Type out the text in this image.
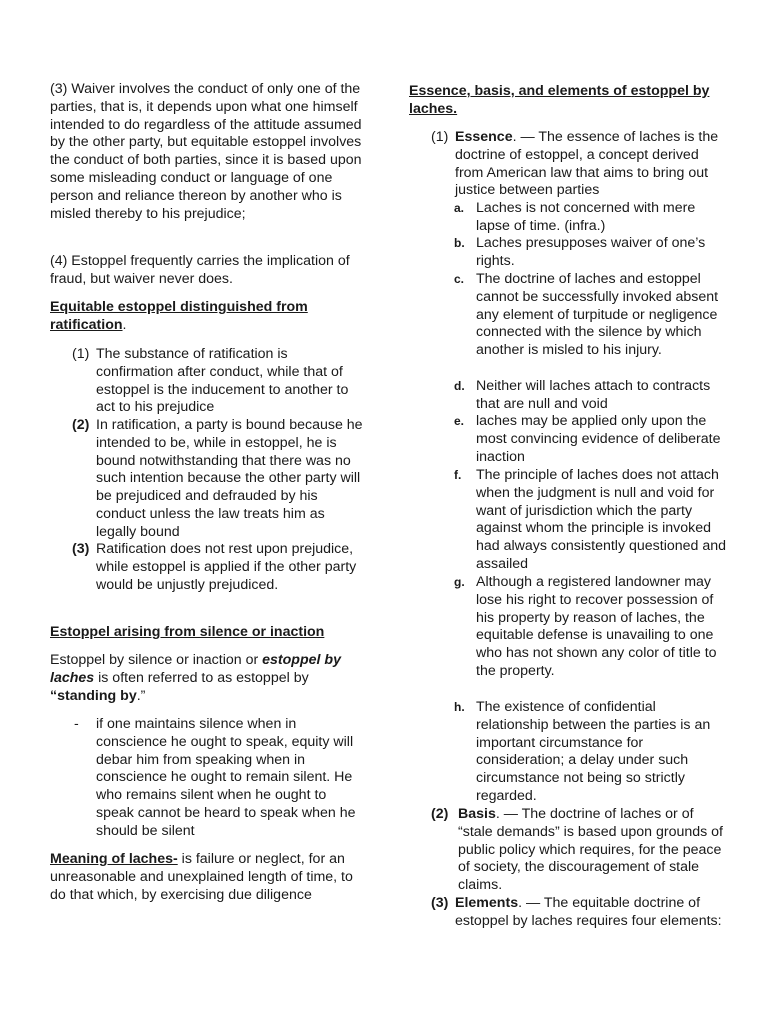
(3) Waiver involves the conduct of only one of the parties, that is, it depends upon what one himself intended to do regardless of the attitude assumed by the other party, but equitable estoppel involves the conduct of both parties, since it is based upon some misleading conduct or language of one person and reliance thereon by another who is misled thereby to his prejudice;

(4) Estoppel frequently carries the implication of fraud, but waiver never does.

Equitable estoppel distinguished from ratification.

(1) The substance of ratification is confirmation after conduct, while that of estoppel is the inducement to another to act to his prejudice
(2) In ratification, a party is bound because he intended to be, while in estoppel, he is bound notwithstanding that there was no such intention because the other party will be prejudiced and defrauded by his conduct unless the law treats him as legally bound
(3) Ratification does not rest upon prejudice, while estoppel is applied if the other party would be unjustly prejudiced.

Estoppel arising from silence or inaction

Estoppel by silence or inaction or estoppel by laches is often referred to as estoppel by “standing by.”

-	if one maintains silence when in conscience he ought to speak, equity will debar him from speaking when in conscience he ought to remain silent. He who remains silent when he ought to speak cannot be heard to speak when he should be silent

Meaning of laches- is failure or neglect, for an unreasonable and unexplained length of time, to do that which, by exercising due diligence

Essence, basis, and elements of estoppel by laches.

(1) Essence. — The essence of laches is the doctrine of estoppel, a concept derived from American law that aims to bring out justice between parties
a. Laches is not concerned with mere lapse of time. (infra.)
b. Laches presupposes waiver of one’s rights.
c. The doctrine of laches and estoppel cannot be successfully invoked absent any element of turpitude or negligence connected with the silence by which another is misled to his injury.
d. Neither will laches attach to contracts that are null and void
e. laches may be applied only upon the most convincing evidence of deliberate inaction
f.	The principle of laches does not attach when the judgment is null and void for want of jurisdiction which the party against whom the principle is invoked had always consistently questioned and assailed
g. Although a registered landowner may lose his right to recover possession of his property by reason of laches, the equitable defense is unavailing to one who has not shown any color of title to the property.
h. The existence of confidential relationship between the parties is an important circumstance for consideration; a delay under such circumstance not being so strictly regarded.
(2) Basis. — The doctrine of laches or of “stale demands” is based upon grounds of public policy which requires, for the peace of society, the discouragement of stale claims.
(3) Elements. — The equitable doctrine of estoppel by laches requires four elements:
